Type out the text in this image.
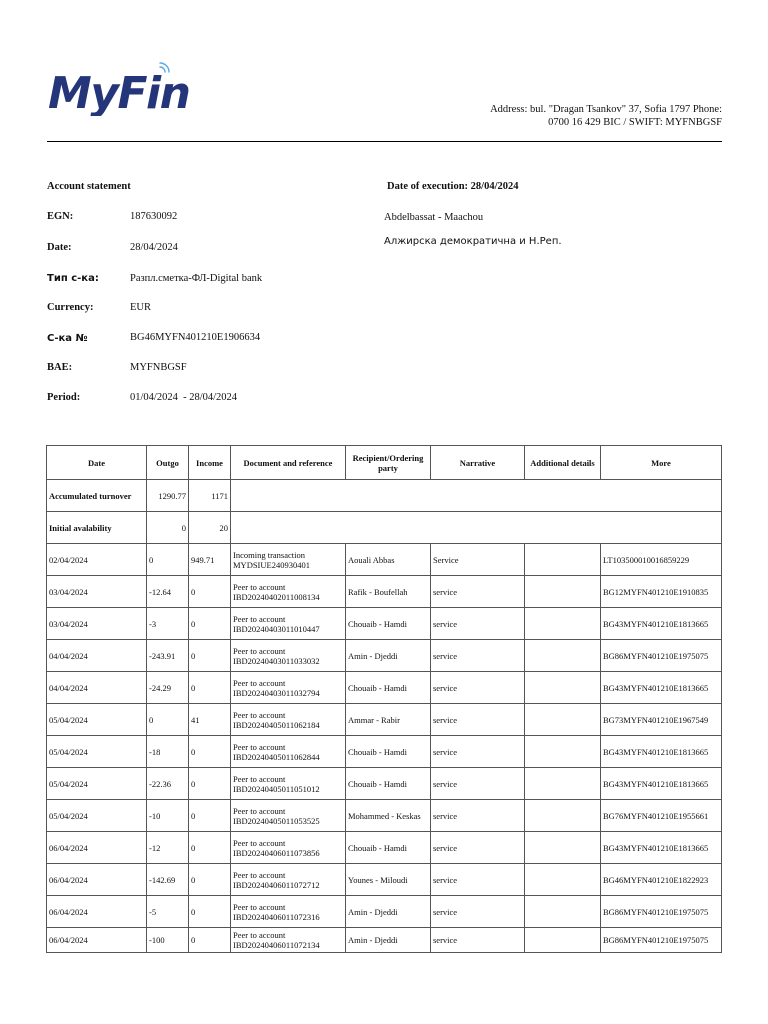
MyFin	Address: bul. "Dragan Tsankov" 37, Sofia 1797 Phone:
0700 16 429 BIC / SWIFT: MYFNBGSF
Account statement	Date of execution: 28/04/2024
EGN:	187630092	Abdelbassat - Maachou
Date:	28/04/2024
Алжирска демократична и Н.Реп.
Тип с-ка:	Разпл.сметка-ФЛ-Digital bank
Currency:	EUR
С-ка №	BG46MYFN401210E1906634
BAE:	MYFNBGSF
Period:	01/04/2024  - 28/04/2024
Accumulated turnover	1290.77	1171					
Initial avalability	0	20					
Date	Outgo	Income	Document and reference	Recipient/Ordering party	Narrative	Additional details	More
02/04/2024	0	949.71	Incoming transaction
MYDSIUE240930401	Aouali Abbas	Service		LT103500010016859229
03/04/2024	-12.64	0	Peer to account
IBD20240402011008134	Rafik - Boufellah	service		BG12MYFN401210E1910835
03/04/2024	-3	0	Peer to account
IBD20240403011010447	Chouaib - Hamdi	service		BG43MYFN401210E1813665
04/04/2024	-243.91	0	Peer to account
IBD20240403011033032	Amin - Djeddi	service		BG86MYFN401210E1975075
04/04/2024	-24.29	0	Peer to account
IBD20240403011032794	Chouaib - Hamdi	service		BG43MYFN401210E1813665
05/04/2024	0	41	Peer to account
IBD20240405011062184	Ammar - Rabir	service		BG73MYFN401210E1967549
05/04/2024	-18	0	Peer to account
IBD20240405011062844	Chouaib - Hamdi	service		BG43MYFN401210E1813665
05/04/2024	-22.36	0	Peer to account
IBD20240405011051012	Chouaib - Hamdi	service		BG43MYFN401210E1813665
05/04/2024	-10	0	Peer to account
IBD20240405011053525	Mohammed - Keskas	service		BG76MYFN401210E1955661
06/04/2024	-12	0	Peer to account
IBD20240406011073856	Chouaib - Hamdi	service		BG43MYFN401210E1813665
06/04/2024	-142.69	0	Peer to account
IBD20240406011072712	Younes - Miloudi	service		BG46MYFN401210E1822923
06/04/2024	-5	0	Peer to account
IBD20240406011072316	Amin - Djeddi	service		BG86MYFN401210E1975075
06/04/2024	-100	0	Peer to account
IBD20240406011072134	Amin - Djeddi	service		BG86MYFN401210E1975075
